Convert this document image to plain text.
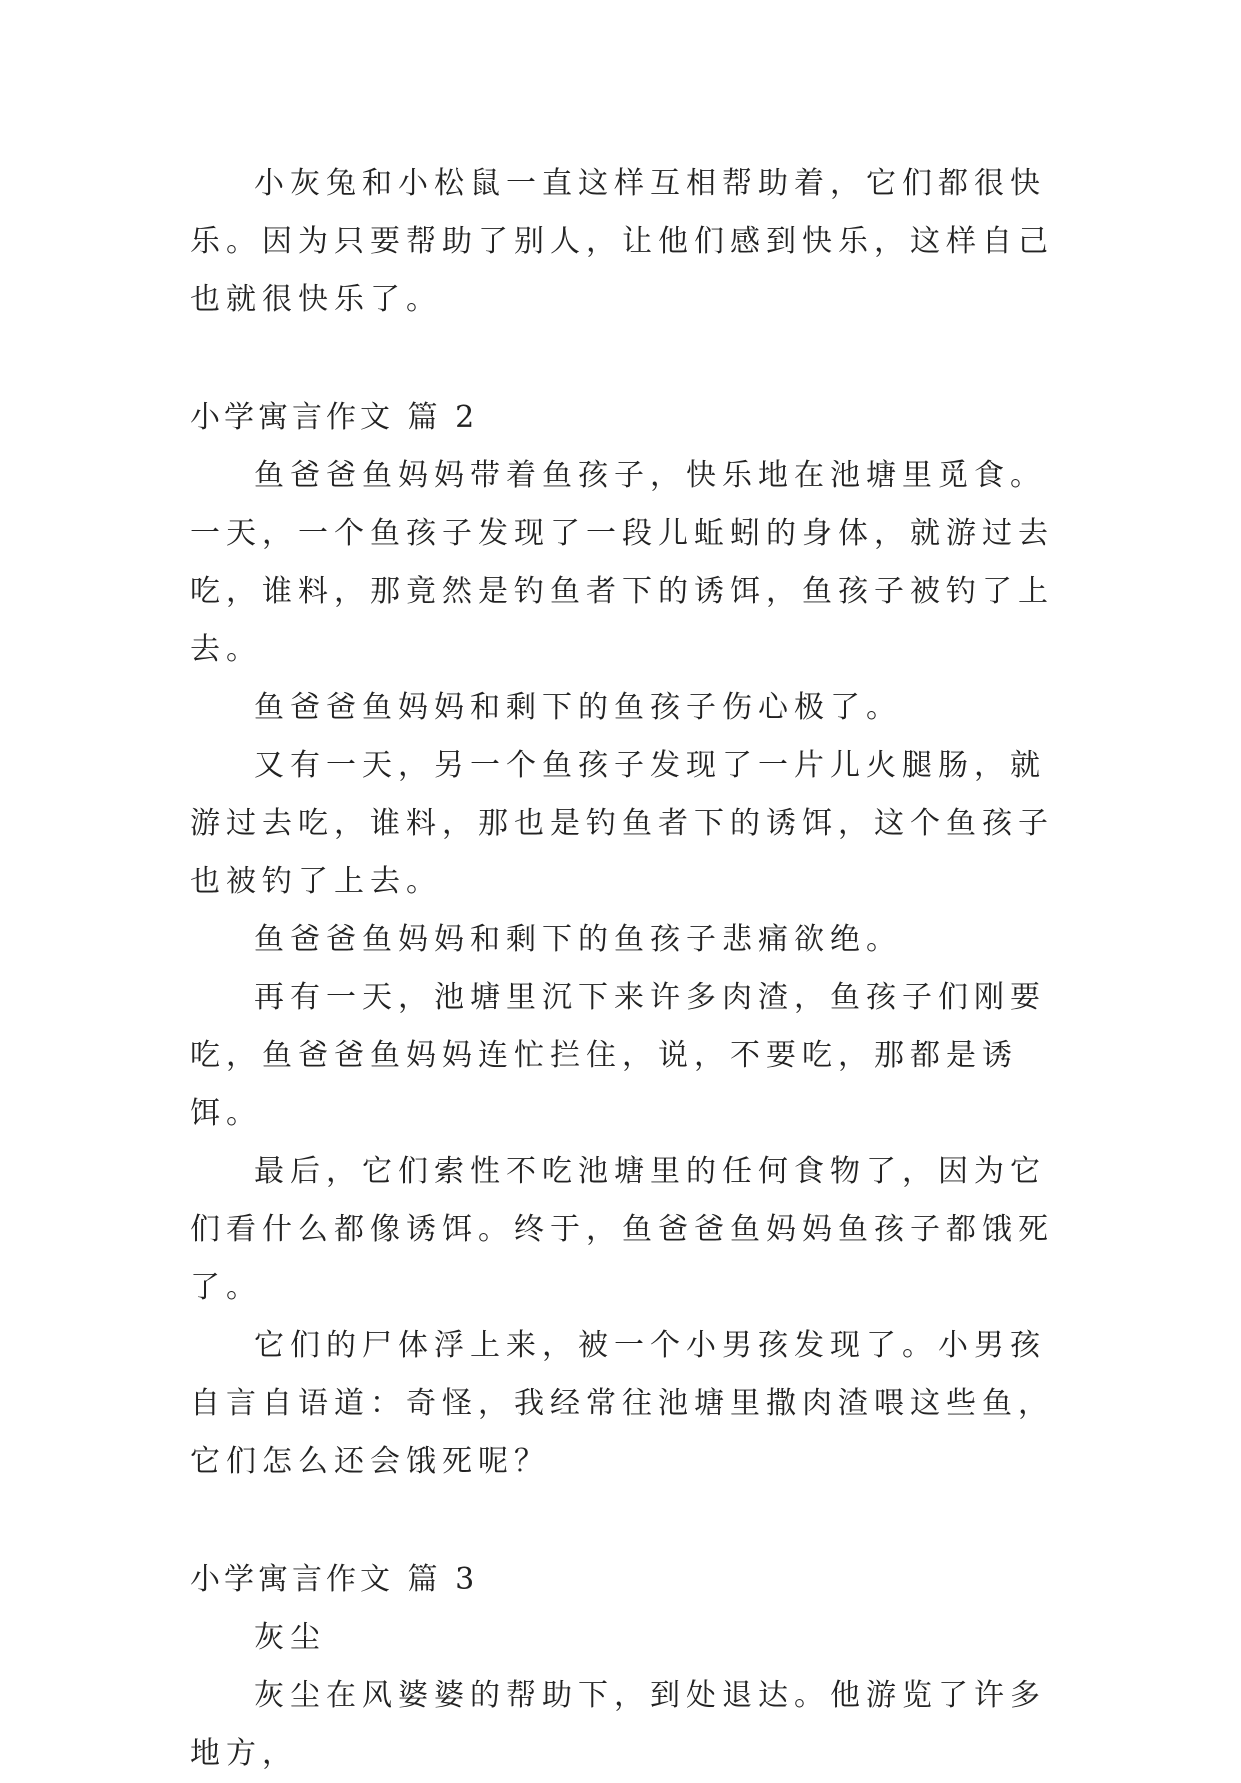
小灰兔和小松鼠一直这样互相帮助着，它们都很快乐。因为只要帮助了别人，让他们感到快乐，这样自己也就很快乐了。

小学寓言作文 篇 2

鱼爸爸鱼妈妈带着鱼孩子，快乐地在池塘里觅食。一天，一个鱼孩子发现了一段儿蚯蚓的身体，就游过去吃，谁料，那竟然是钓鱼者下的诱饵，鱼孩子被钓了上去。

鱼爸爸鱼妈妈和剩下的鱼孩子伤心极了。

又有一天，另一个鱼孩子发现了一片儿火腿肠，就游过去吃，谁料，那也是钓鱼者下的诱饵，这个鱼孩子也被钓了上去。

鱼爸爸鱼妈妈和剩下的鱼孩子悲痛欲绝。

再有一天，池塘里沉下来许多肉渣，鱼孩子们刚要吃，鱼爸爸鱼妈妈连忙拦住，说，不要吃，那都是诱饵。

最后，它们索性不吃池塘里的任何食物了，因为它们看什么都像诱饵。终于，鱼爸爸鱼妈妈鱼孩子都饿死了。

它们的尸体浮上来，被一个小男孩发现了。小男孩自言自语道：奇怪，我经常往池塘里撒肉渣喂这些鱼，它们怎么还会饿死呢？

小学寓言作文 篇 3

灰尘

灰尘在风婆婆的帮助下，到处退达。他游览了许多地方，
